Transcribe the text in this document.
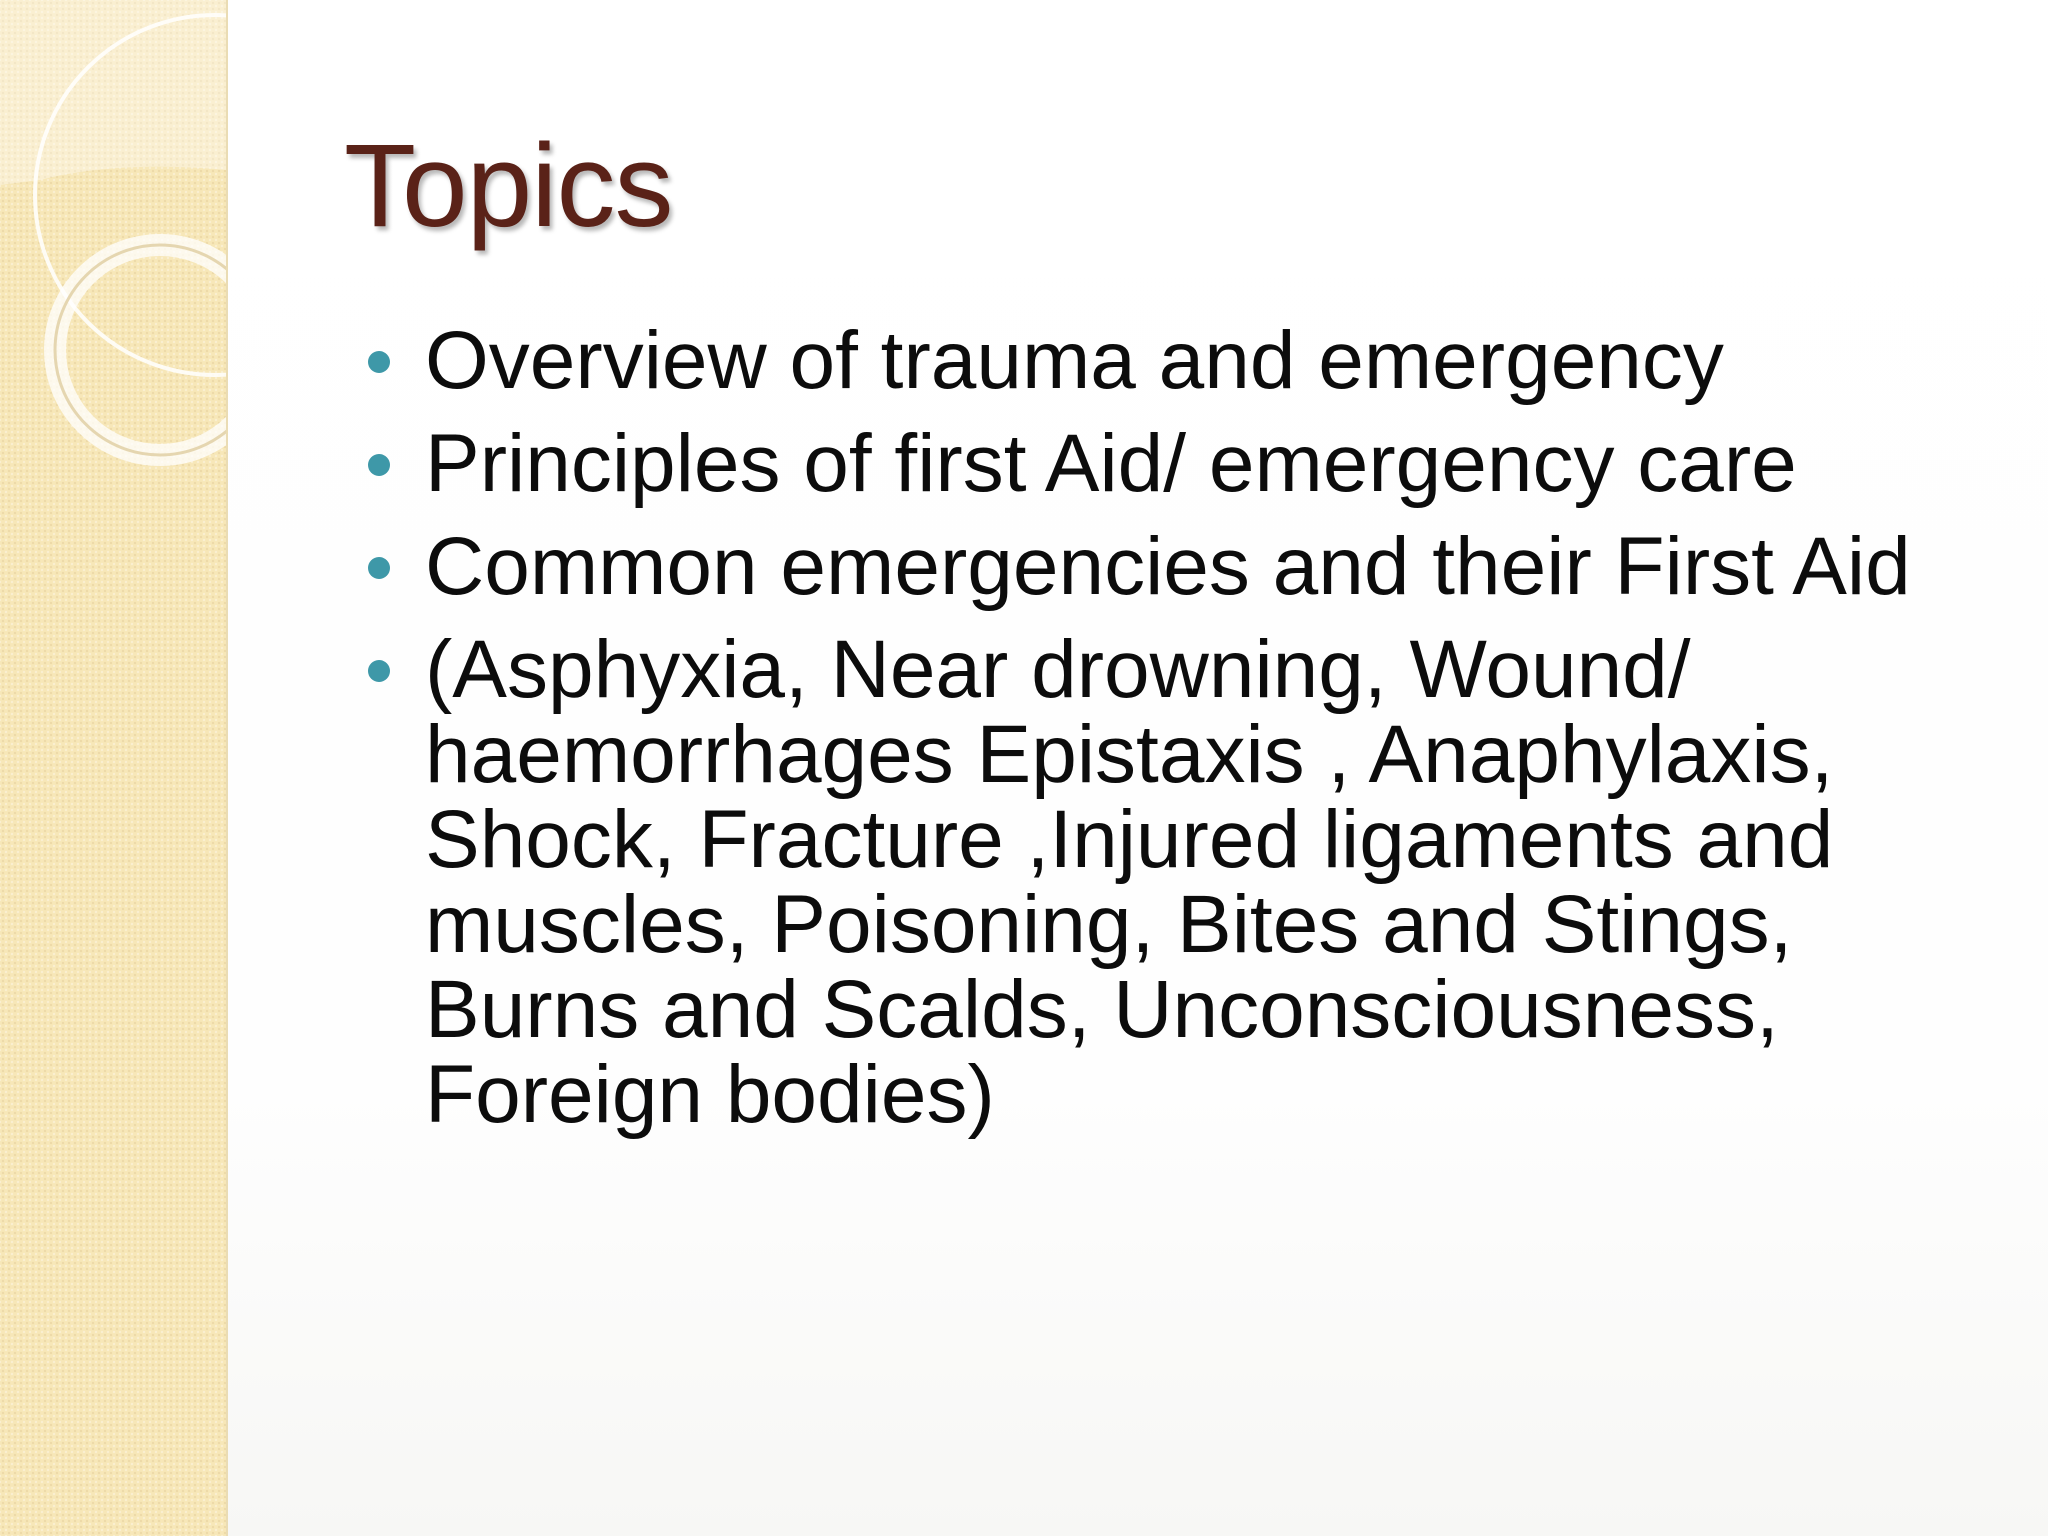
Topics
Overview of trauma and emergency
Principles of first Aid/ emergency care
Common emergencies and their First Aid
(Asphyxia, Near drowning, Wound/ haemorrhages Epistaxis , Anaphylaxis, Shock, Fracture ,Injured ligaments and muscles, Poisoning, Bites and Stings, Burns and Scalds, Unconsciousness, Foreign bodies)
